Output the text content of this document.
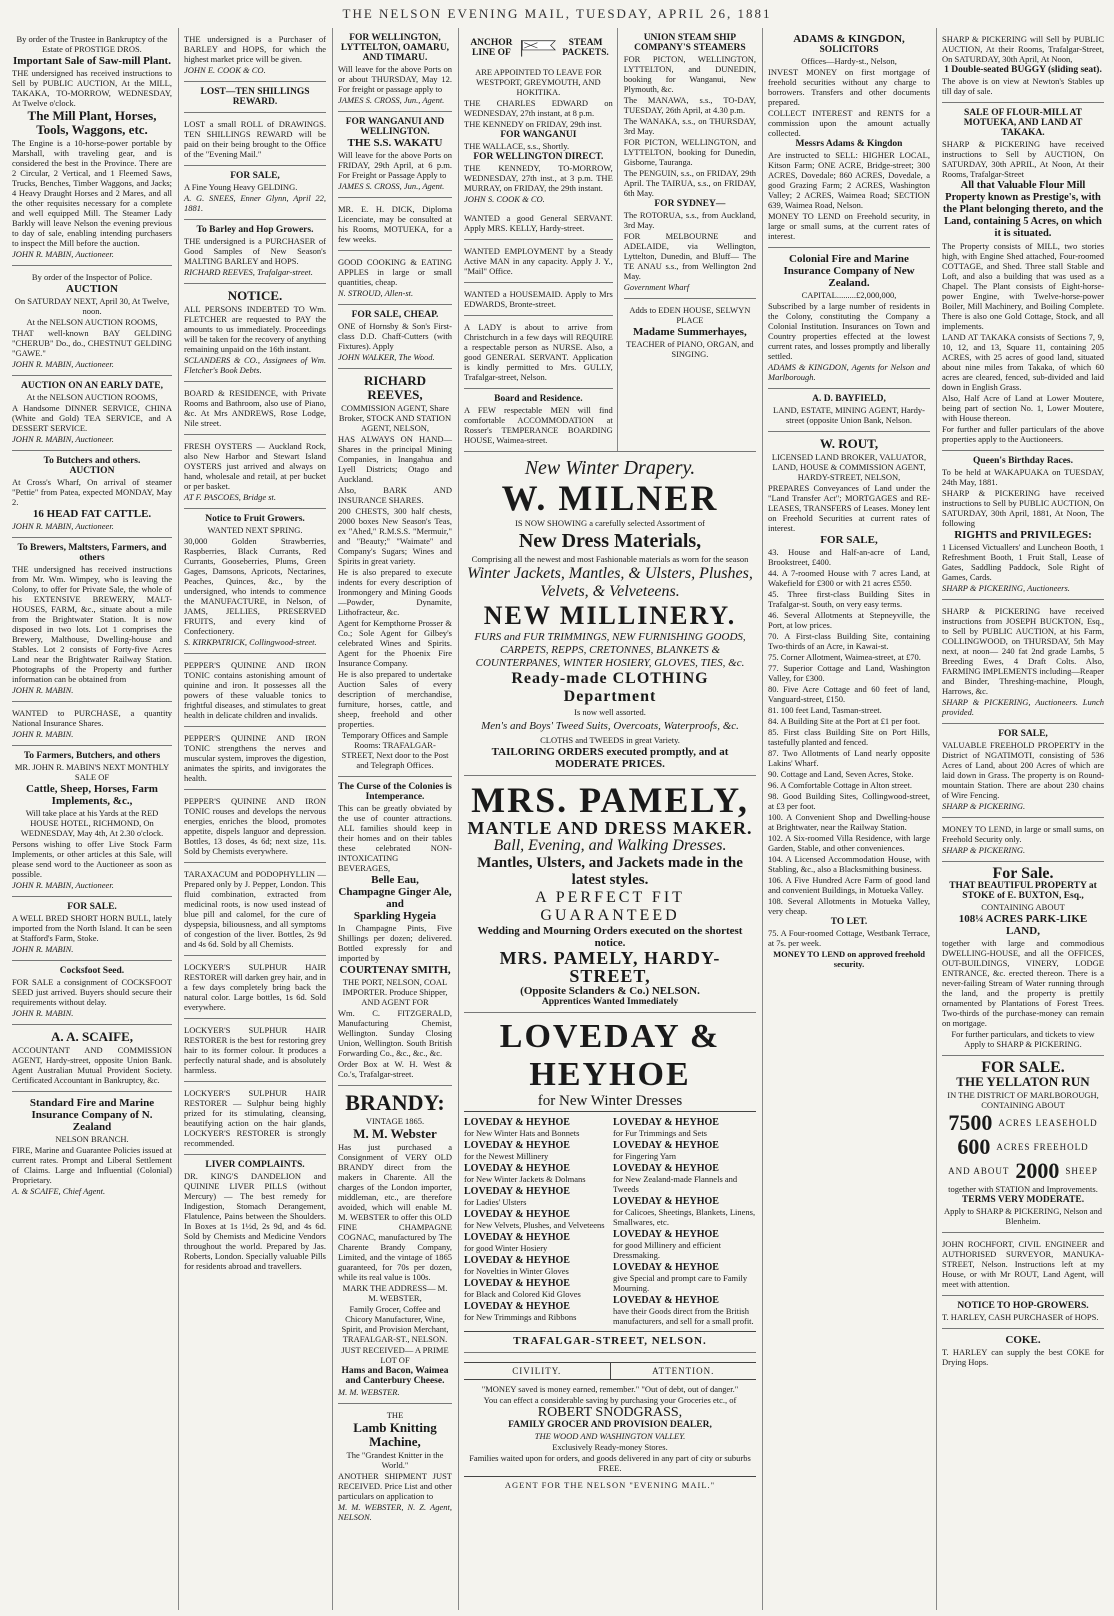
THE NELSON EVENING MAIL, TUESDAY, APRIL 26, 1881

By order of the Trustee in Bankruptcy of the Estate of PROSTIGE DROS.

Important Sale of Saw-mill Plant.

THE undersigned has received instructions to Sell by PUBLIC AUCTION, At the MILL, TAKAKA, TO-MORROW, WEDNESDAY, At Twelve o'clock.

The Mill Plant, Horses, Tools, Waggons, etc.

The Engine is a 10-horse-power portable by Marshall, with traveling gear, and is considered the best in the Province. There are 2 Circular, 2 Vertical, and 1 Fleemed Saws, Trucks, Benches, Timber Waggons, and Jacks; 4 Heavy Draught Horses and 2 Mares, and all the other requisites necessary for a complete and well equipped Mill. The Steamer Lady Barkly will leave Nelson the evening previous to day of sale, enabling intending purchasers to inspect the Mill before the auction.

JOHN R. MABIN, Auctioneer.

By order of the Inspector of Police.

AUCTION

On SATURDAY NEXT, April 30, At Twelve, noon.

At the NELSON AUCTION ROOMS,

THAT well-known BAY GELDING "CHERUB" Do., do., CHESTNUT GELDING "GAWE."

JOHN R. MABIN, Auctioneer.

AUCTION ON AN EARLY DATE,

At the NELSON AUCTION ROOMS,

A Handsome DINNER SERVICE, CHINA (White and Gold) TEA SERVICE, and A DESSERT SERVICE.

JOHN R. MABIN, Auctioneer.

To Butchers and others.
AUCTION

At Cross's Wharf, On arrival of steamer "Pettie" from Patea, expected MONDAY, May 2.

16 HEAD FAT CATTLE.

JOHN R. MABIN, Auctioneer.

To Brewers, Maltsters, Farmers, and others

THE undersigned has received instructions from Mr. Wm. Wimpey, who is leaving the Colony, to offer for Private Sale, the whole of his EXTENSIVE BREWERY, MALT-HOUSES, FARM, &c., situate about a mile from the Brightwater Station. It is now disposed in two lots. Lot 1 comprises the Brewery, Malthouse, Dwelling-house and Stables. Lot 2 consists of Forty-five Acres Land near the Brightwater Railway Station. Photographs of the Property and further information can be obtained from

JOHN R. MABIN.

WANTED to PURCHASE, a quantity National Insurance Shares.

JOHN R. MABIN.

To Farmers, Butchers, and others

MR. JOHN R. MABIN'S NEXT MONTHLY SALE OF

Cattle, Sheep, Horses, Farm Implements, &c.,

Will take place at his Yards at the RED HOUSE HOTEL, RICHMOND, On WEDNESDAY, May 4th, At 2.30 o'clock.

Persons wishing to offer Live Stock Farm Implements, or other articles at this Sale, will please send word to the Auctioneer as soon as possible.

JOHN R. MABIN, Auctioneer.

FOR SALE.

A WELL BRED SHORT HORN BULL, lately imported from the North Island. It can be seen at Stafford's Farm, Stoke.

JOHN R. MABIN.

Cocksfoot Seed.

FOR SALE a consignment of COCKSFOOT SEED just arrived. Buyers should secure their requirements without delay.

JOHN R. MABIN.

A. A. SCAIFE,

ACCOUNTANT AND COMMISSION AGENT, Hardy-street, opposite Union Bank. Agent Australian Mutual Provident Society. Certificated Accountant in Bankruptcy, &c.

Standard Fire and Marine Insurance Company of N. Zealand

NELSON BRANCH.

FIRE, Marine and Guarantee Policies issued at current rates. Prompt and Liberal Settlement of Claims. Large and Influential (Colonial) Proprietary.

A. & SCAIFE, Chief Agent.

THE undersigned is a Purchaser of BARLEY and HOPS, for which the highest market price will be given.

JOHN E. COOK & CO.

LOST—TEN SHILLINGS REWARD.

LOST a small ROLL of DRAWINGS. TEN SHILLINGS REWARD will be paid on their being brought to the Office of the "Evening Mail."

FOR SALE,

A Fine Young Heavy GELDING.

A. G. SNEES, Enner Glynn, April 22, 1881.

To Barley and Hop Growers.

THE undersigned is a PURCHASER of Good Samples of New Season's MALTING BARLEY and HOPS.

RICHARD REEVES, Trafalgar-street.

NOTICE.

ALL PERSONS INDEBTED TO Wm. FLETCHER are requested to PAY the amounts to us immediately. Proceedings will be taken for the recovery of anything remaining unpaid on the 16th instant.

SCLANDERS & CO., Assignees of Wm. Fletcher's Book Debts.

BOARD & RESIDENCE, with Private Rooms and Bathroom, also use of Piano, &c. At Mrs ANDREWS, Rose Lodge, Nile street.

FRESH OYSTERS — Auckland Rock, also New Harbor and Stewart Island OYSTERS just arrived and always on hand, wholesale and retail, at per bucket or per basket.

AT F. PASCOES, Bridge st.

Notice to Fruit Growers.

WANTED NEXT SPRING.

30,000 Golden Strawberries, Raspberries, Black Currants, Red Currants, Gooseberries, Plums, Green Gages, Damsons, Apricots, Nectarines, Peaches, Quinces, &c., by the undersigned, who intends to commence the MANUFACTURE, in Nelson, of JAMS, JELLIES, PRESERVED FRUITS, and every kind of Confectionery.

S. KIRKPATRICK, Collingwood-street.

PEPPER'S QUININE AND IRON TONIC contains astonishing amount of quinine and iron. It possesses all the powers of these valuable tonics to frightful diseases, and stimulates to great health in delicate children and invalids.

PEPPER'S QUININE AND IRON TONIC strengthens the nerves and muscular system, improves the digestion, animates the spirits, and invigorates the health.

PEPPER'S QUININE AND IRON TONIC rouses and develops the nervous energies, enriches the blood, promotes appetite, dispels languor and depression. Bottles, 13 doses, 4s 6d; next size, 11s. Sold by Chemists everywhere.

TARAXACUM and PODOPHYLLIN — Prepared only by J. Pepper, London. This fluid combination, extracted from medicinal roots, is now used instead of blue pill and calomel, for the cure of dyspepsia, biliousness, and all symptoms of congestion of the liver. Bottles, 2s 9d and 4s 6d. Sold by all Chemists.

LOCKYER'S SULPHUR HAIR RESTORER will darken grey hair, and in a few days completely bring back the natural color. Large bottles, 1s 6d. Sold everywhere.

LOCKYER'S SULPHUR HAIR RESTORER is the best for restoring grey hair to its former colour. It produces a perfectly natural shade, and is absolutely harmless.

LOCKYER'S SULPHUR HAIR RESTORER — Sulphur being highly prized for its stimulating, cleansing, beautifying action on the hair glands, LOCKYER'S RESTORER is strongly recommended.

LIVER COMPLAINTS.

DR. KING'S DANDELION and QUININE LIVER PILLS (without Mercury) — The best remedy for Indigestion, Stomach Derangement, Flatulence, Pains between the Shoulders. In Boxes at 1s 1½d, 2s 9d, and 4s 6d. Sold by Chemists and Medicine Vendors throughout the world. Prepared by Jas. Roberts, London. Specially valuable Pills for residents abroad and travellers.

FOR WELLINGTON, LYTTELTON, OAMARU, AND TIMARU.

Will leave for the above Ports on or about THURSDAY, May 12. For freight or passage apply to

JAMES S. CROSS, Jun., Agent.

FOR WANGANUI AND WELLINGTON.
THE S.S. WAKATU

Will leave for the above Ports on FRIDAY, 29th April, at 6 p.m. For Freight or Passage Apply to

JAMES S. CROSS, Jun., Agent.

MR. E. H. DICK, Diploma Licenciate, may be consulted at his Rooms, MOTUEKA, for a few weeks.

GOOD COOKING & EATING APPLES in large or small quantities, cheap.

N. STROUD, Allen-st.

FOR SALE, CHEAP.

ONE of Hornsby & Son's First-class D.D. Chaff-Cutters (with Fixtures). Apply

JOHN WALKER, The Wood.

RICHARD REEVES,

COMMISSION AGENT, Share Broker, STOCK AND STATION AGENT, NELSON,

HAS ALWAYS ON HAND— Shares in the principal Mining Companies, in Inangahua and Lyell Districts; Otago and Auckland.

Also, BARK AND INSURANCE SHARES.

200 CHESTS, 300 half chests, 2000 boxes New Season's Teas, ex "Ahed," R.M.S.S. "Mermuir," and "Beauty;" "Waimate" and Company's Sugars; Wines and Spirits in great variety.

He is also prepared to execute indents for every description of Ironmongery and Mining Goods—Powder, Dynamite, Lithofracteur, &c.

Agent for Kempthorne Prosser & Co.; Sole Agent for Gilbey's celebrated Wines and Spirits. Agent for the Phoenix Fire Insurance Company.

He is also prepared to undertake Auction Sales of every description of merchandise, furniture, horses, cattle, and sheep, freehold and other properties.

Temporary Offices and Sample Rooms: TRAFALGAR-STREET, Next door to the Post and Telegraph Offices.

The Curse of the Colonies is Intemperance.

This can be greatly obviated by the use of counter attractions. ALL families should keep in their homes and on their tables these celebrated NON-INTOXICATING BEVERAGES,

Belle Eau,
Champagne Ginger Ale, and
Sparkling Hygeia

In Champagne Pints, Five Shillings per dozen; delivered. Bottled expressly for and imported by

COURTENAY SMITH,

THE PORT, NELSON, COAL IMPORTER. Produce Shipper, AND AGENT FOR

Wm. C. FITZGERALD, Manufacturing Chemist, Wellington. Sunday Closing Union, Wellington. South British Forwarding Co., &c., &c., &c.

Order Box at W. H. West & Co.'s, Trafalgar-street.

BRANDY:

VINTAGE 1865.

M. M. Webster

Has just purchased a Consignment of VERY OLD BRANDY direct from the makers in Charente. All the charges of the London importer, middleman, etc., are therefore avoided, which will enable M. M. WEBSTER to offer this OLD FINE CHAMPAGNE COGNAC, manufactured by The Charente Brandy Company, Limited, and the vintage of 1865 guaranteed, for 70s per dozen, while its real value is 100s.

MARK THE ADDRESS— M. M. WEBSTER,

Family Grocer, Coffee and Chicory Manufacturer, Wine, Spirit, and Provision Merchant, TRAFALGAR-ST., NELSON.

JUST RECEIVED— A PRIME LOT OF

Hams and Bacon, Waimea and Canterbury Cheese.

M. M. WEBSTER.

THE

Lamb Knitting Machine,

The "Grandest Knitter in the World."

ANOTHER SHIPMENT JUST RECEIVED. Price List and other particulars on application to

M. M. WEBSTER, N. Z. Agent, NELSON.

ANCHOR LINE OF
STEAM PACKETS.

ARE APPOINTED TO LEAVE FOR WESTPORT, GREYMOUTH, AND HOKITIKA.

THE CHARLES EDWARD on WEDNESDAY, 27th instant, at 8 p.m.

THE KENNEDY on FRIDAY, 29th inst.

FOR WANGANUI

THE WALLACE, s.s., Shortly.

FOR WELLINGTON DIRECT.

THE KENNEDY, TO-MORROW, WEDNESDAY, 27th inst., at 3 p.m. THE MURRAY, on FRIDAY, the 29th instant.

JOHN S. COOK & CO.

WANTED a good General SERVANT. Apply MRS. KELLY, Hardy-street.

WANTED EMPLOYMENT by a Steady Active MAN in any capacity. Apply J. Y., "Mail" Office.

WANTED a HOUSEMAID. Apply to Mrs EDWARDS, Bronte-street.

A LADY is about to arrive from Christchurch in a few days will REQUIRE a respectable person as NURSE. Also, a good GENERAL SERVANT. Application is kindly permitted to Mrs. GULLY, Trafalgar-street, Nelson.

Board and Residence.

A FEW respectable MEN will find comfortable ACCOMMODATION at Rosser's TEMPERANCE BOARDING HOUSE, Waimea-street.

UNION STEAM SHIP COMPANY'S STEAMERS

FOR PICTON, WELLINGTON, LYTTELTON, and DUNEDIN, booking for Wanganui, New Plymouth, &c.

The MANAWA, s.s., TO-DAY, TUESDAY, 26th April, at 4.30 p.m.

The WANAKA, s.s., on THURSDAY, 3rd May.

FOR PICTON, WELLINGTON, and LYTTELTON, booking for Dunedin, Gisborne, Tauranga.

The PENGUIN, s.s., on FRIDAY, 29th April. The TAIRUA, s.s., on FRIDAY, 6th May.

FOR SYDNEY—

The ROTORUA, s.s., from Auckland, 3rd May.

FOR MELBOURNE and ADELAIDE, via Wellington, Lyttelton, Dunedin, and Bluff— The TE ANAU s.s., from Wellington 2nd May.

Government Wharf

Adds to EDEN HOUSE, SELWYN PLACE

Madame Summerhayes,

TEACHER of PIANO, ORGAN, and SINGING.

New Winter Drapery.
W. MILNER

IS NOW SHOWING a carefully selected Assortment of

New Dress Materials,

Comprising all the newest and most Fashionable materials as worn for the season

Winter Jackets, Mantles, & Ulsters, Plushes, Velvets, & Velveteens.
NEW MILLINERY.
FURS and FUR TRIMMINGS, NEW FURNISHING GOODS, CARPETS, REPPS, CRETONNES, BLANKETS & COUNTERPANES, WINTER HOSIERY, GLOVES, TIES, &c.
Ready-made CLOTHING Department

Is now well assorted.

Men's and Boys' Tweed Suits, Overcoats, Waterproofs, &c.

CLOTHS and TWEEDS in great Variety.

TAILORING ORDERS executed promptly, and at MODERATE PRICES.
MRS. PAMELY,
MANTLE AND DRESS MAKER.
Ball, Evening, and Walking Dresses.
Mantles, Ulsters, and Jackets made in the latest styles.
A PERFECT FIT GUARANTEED
Wedding and Mourning Orders executed on the shortest notice.
MRS. PAMELY, HARDY-STREET,
(Opposite Sclanders & Co.) NELSON.
Apprentices Wanted Immediately
LOVEDAY & HEYHOE
for New Winter Dresses

LOVEDAY & HEYHOE
for New Winter Hats and Bonnets

LOVEDAY & HEYHOE
for the Newest Millinery

LOVEDAY & HEYHOE
for New Winter Jackets & Dolmans

LOVEDAY & HEYHOE
for Ladies' Ulsters

LOVEDAY & HEYHOE
for New Velvets, Plushes, and Velveteens

LOVEDAY & HEYHOE
for good Winter Hosiery

LOVEDAY & HEYHOE
for Novelties in Winter Gloves

LOVEDAY & HEYHOE
for Black and Colored Kid Gloves

LOVEDAY & HEYHOE
for New Trimmings and Ribbons

LOVEDAY & HEYHOE
for Fur Trimmings and Sets

LOVEDAY & HEYHOE
for Fingering Yarn

LOVEDAY & HEYHOE
for New Zealand-made Flannels and Tweeds

LOVEDAY & HEYHOE
for Calicoes, Sheetings, Blankets, Linens, Smallwares, etc.

LOVEDAY & HEYHOE
for good Millinery and efficient Dressmaking.

LOVEDAY & HEYHOE
give Special and prompt care to Family Mourning.

LOVEDAY & HEYHOE
have their Goods direct from the British manufacturers, and sell for a small profit.

TRAFALGAR-STREET, NELSON.
CIVILITY.	ATTENTION.

"MONEY saved is money earned, remember." "Out of debt, out of danger."

You can effect a considerable saving by purchasing your Groceries etc., of

ROBERT SNODGRASS,
FAMILY GROCER AND PROVISION DEALER,

THE WOOD AND WASHINGTON VALLEY.

Exclusively Ready-money Stores.

Families waited upon for orders, and goods delivered in any part of city or suburbs FREE.

AGENT FOR THE NELSON "EVENING MAIL."

ADAMS & KINGDON,
SOLICITORS

Offices—Hardy-st., Nelson,

INVEST MONEY on first mortgage of freehold securities without any charge to borrowers. Transfers and other documents prepared.

COLLECT INTEREST and RENTS for a commission upon the amount actually collected.

Messrs Adams & Kingdon

Are instructed to SELL: HIGHER LOCAL, Kitson Farm; ONE ACRE, Bridge-street; 300 ACRES, Dovedale; 860 ACRES, Dovedale, a good Grazing Farm; 2 ACRES, Washington Valley; 2 ACRES, Waimea Road; SECTION 639, Waimea Road, Nelson.

MONEY TO LEND on Freehold security, in large or small sums, at the current rates of interest.

Colonial Fire and Marine Insurance Company of New Zealand.

CAPITAL.........£2,000,000,

Subscribed by a large number of residents in the Colony, constituting the Company a Colonial Institution. Insurances on Town and Country properties effected at the lowest current rates, and losses promptly and liberally settled.

ADAMS & KINGDON, Agents for Nelson and Marlborough.

A. D. BAYFIELD,

LAND, ESTATE, MINING AGENT, Hardy-street (opposite Union Bank, Nelson.

W. ROUT,

LICENSED LAND BROKER, VALUATOR, LAND, HOUSE & COMMISSION AGENT, HARDY-STREET, NELSON,

PREPARES Conveyances of Land under the "Land Transfer Act"; MORTGAGES and RE-LEASES, TRANSFERS of Leases. Money lent on Freehold Securities at current rates of interest.

FOR SALE,
43. House and Half-an-acre of Land, Brookstreet, £400.
44. A 7-roomed House with 7 acres Land, at Wakefield for £300 or with 21 acres £550.
45. Three first-class Building Sites in Trafalgar-st. South, on very easy terms.
46. Several Allotments at Stepneyville, the Port, at low prices.
70. A First-class Building Site, containing Two-thirds of an Acre, in Kawai-st.
75. Corner Allotment, Waimea-street, at £70.
77. Superior Cottage and Land, Washington Valley, for £300.
80. Five Acre Cottage and 60 feet of land, Vanguard-street, £150.
81. 100 feet Land, Tasman-street.
84. A Building Site at the Port at £1 per foot.
85. First class Building Site on Port Hills, tastefully planted and fenced.
87. Two Allotments of Land nearly opposite Lakins' Wharf.
90. Cottage and Land, Seven Acres, Stoke.
96. A Comfortable Cottage in Alton street.
98. Good Building Sites, Collingwood-street, at £3 per foot.
100. A Convenient Shop and Dwelling-house at Brightwater, near the Railway Station.
102. A Six-roomed Villa Residence, with large Garden, Stable, and other conveniences.
104. A Licensed Accommodation House, with Stabling, &c., also a Blacksmithing business.
106. A Five Hundred Acre Farm of good land and convenient Buildings, in Motueka Valley.
108. Several Allotments in Motueka Valley, very cheap.
TO LET.

75. A Four-roomed Cottage, Westbank Terrace, at 7s. per week.

MONEY TO LEND on approved freehold security.

SHARP & PICKERING will Sell by PUBLIC AUCTION, At their Rooms, Trafalgar-Street, On SATURDAY, 30th April, At Noon,

1 Double-seated BUGGY (sliding seat).

The above is on view at Newton's Stables up till day of sale.

SALE OF FLOUR-MILL AT MOTUEKA, AND LAND AT TAKAKA.

SHARP & PICKERING have received instructions to Sell by AUCTION, On SATURDAY, 30th APRIL, At Noon, At their Rooms, Trafalgar-Street

All that Valuable Flour Mill Property known as Prestige's, with the Plant belonging thereto, and the Land, containing 5 Acres, on which it is situated.

The Property consists of MILL, two stories high, with Engine Shed attached, Four-roomed COTTAGE, and Shed. Three stall Stable and Loft, and also a building that was used as a Chapel. The Plant consists of Eight-horse-power Engine, with Twelve-horse-power Boiler, Mill Machinery, and Boiling Complete. There is also one Gold Cottage, Stock, and all implements.

LAND AT TAKAKA consists of Sections 7, 9, 10, 12, and 13, Square 11, containing 205 ACRES, with 25 acres of good land, situated about nine miles from Takaka, of which 60 acres are cleared, fenced, sub-divided and laid down in English Grass.

Also, Half Acre of Land at Lower Moutere, being part of section No. 1, Lower Moutere, with House thereon.

For further and fuller particulars of the above properties apply to the Auctioneers.

Queen's Birthday Races.

To be held at WAKAPUAKA on TUESDAY, 24th May, 1881.

SHARP & PICKERING have received instructions to Sell by PUBLIC AUCTION, On SATURDAY, 30th April, 1881, At Noon, The following

RIGHTS and PRIVILEGES:

1 Licensed Victuallers' and Luncheon Booth, 1 Refreshment Booth, 1 Fruit Stall, Lease of Gates, Saddling Paddock, Sole Right of Games, Cards.

SHARP & PICKERING, Auctioneers.

SHARP & PICKERING have received instructions from JOSEPH BUCKTON, Esq., to Sell by PUBLIC AUCTION, at his Farm, COLLINGWOOD, on THURSDAY, 5th May next, at noon— 240 fat 2nd grade Lambs, 5 Breeding Ewes, 4 Draft Colts. Also, FARMING IMPLEMENTS including—Reaper and Binder, Threshing-machine, Plough, Harrows, &c.

SHARP & PICKERING, Auctioneers. Lunch provided.

FOR SALE,

VALUABLE FREEHOLD PROPERTY in the District of NGATIMOTI, consisting of 536 Acres of Land, about 200 Acres of which are laid down in Grass. The property is on Round-mountain Station. There are about 230 chains of Wire Fencing.

SHARP & PICKERING.

MONEY TO LEND, in large or small sums, on Freehold Security only.

SHARP & PICKERING.

For Sale.
THAT BEAUTIFUL PROPERTY at STOKE of E. BUXTON, Esq.,

CONTAINING ABOUT

108¼ ACRES PARK-LIKE LAND,

together with large and commodious DWELLING-HOUSE, and all the OFFICES, OUT-BUILDINGS, VINERY, LODGE ENTRANCE, &c. erected thereon. There is a never-failing Stream of Water running through the land, and the property is prettily ornamented by Plantations of Forest Trees. Two-thirds of the purchase-money can remain on mortgage.

For further particulars, and tickets to view Apply to SHARP & PICKERING.

FOR SALE.
THE YELLATON RUN

IN THE DISTRICT OF MARLBOROUGH, CONTAINING ABOUT

7500 ACRES LEASEHOLD
600 ACRES FREEHOLD
AND ABOUT 2000 SHEEP

together with STATION and Improvements.

TERMS VERY MODERATE.

Apply to SHARP & PICKERING, Nelson and Blenheim.

JOHN ROCHFORT, CIVIL ENGINEER and AUTHORISED SURVEYOR, MANUKA-STREET, Nelson. Instructions left at my House, or with Mr ROUT, Land Agent, will meet with attention.

NOTICE TO HOP-GROWERS.

T. HARLEY, CASH PURCHASER of HOPS.

COKE.

T. HARLEY can supply the best COKE for Drying Hops.
